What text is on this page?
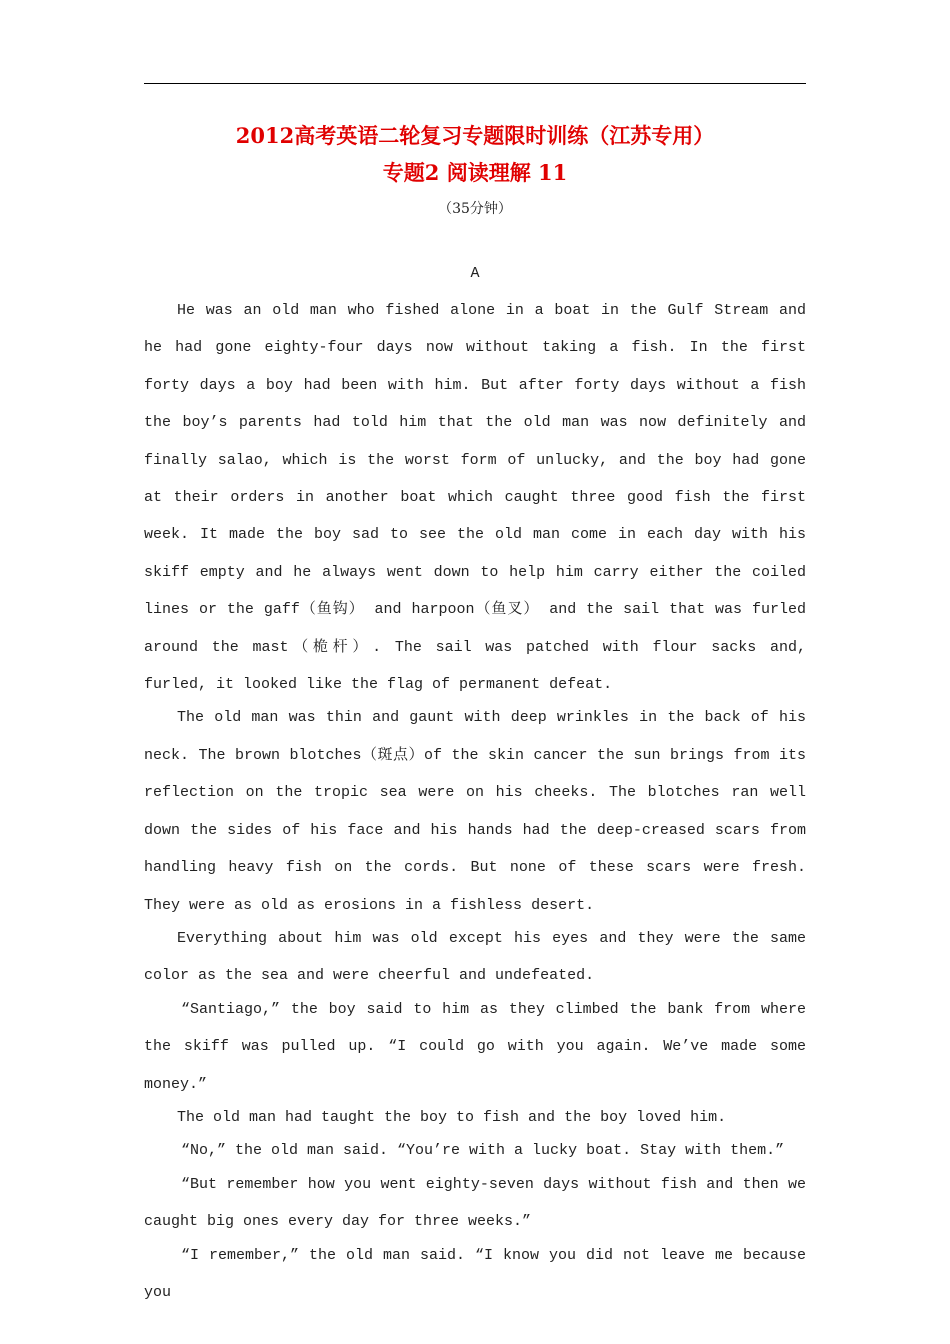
2012高考英语二轮复习专题限时训练（江苏专用）
专题2 阅读理解 11
（35分钟）
A

He was an old man who fished alone in a boat in the Gulf Stream and he had gone eighty-four days now without taking a fish. In the first forty days a boy had been with him. But after forty days without a fish the boy’s parents had told him that the old man was now definitely and finally salao, which is the worst form of unlucky, and the boy had gone at their orders in another boat which caught three good fish the first week. It made the boy sad to see the old man come in each day with his skiff empty and he always went down to help him carry either the coiled lines or the gaff（鱼钩） and harpoon（鱼叉） and the sail that was furled around the mast（桅杆）. The sail was patched with flour sacks and, furled, it looked like the flag of permanent defeat.

The old man was thin and gaunt with deep wrinkles in the back of his neck. The brown blotches（斑点）of the skin cancer the sun brings from its reflection on the tropic sea were on his cheeks. The blotches ran well down the sides of his face and his hands had the deep-creased scars from handling heavy fish on the cords. But none of these scars were fresh. They were as old as erosions in a fishless desert.

Everything about him was old except his eyes and they were the same color as the sea and were cheerful and undefeated.

“Santiago,” the boy said to him as they climbed the bank from where the skiff was pulled up. “I could go with you again. We’ve made some money.”

The old man had taught the boy to fish and the boy loved him.

“No,” the old man said. “You’re with a lucky boat. Stay with them.”

“But remember how you went eighty-seven days without fish and then we caught big ones every day for three weeks.”

“I remember,” the old man said. “I know you did not leave me because you
